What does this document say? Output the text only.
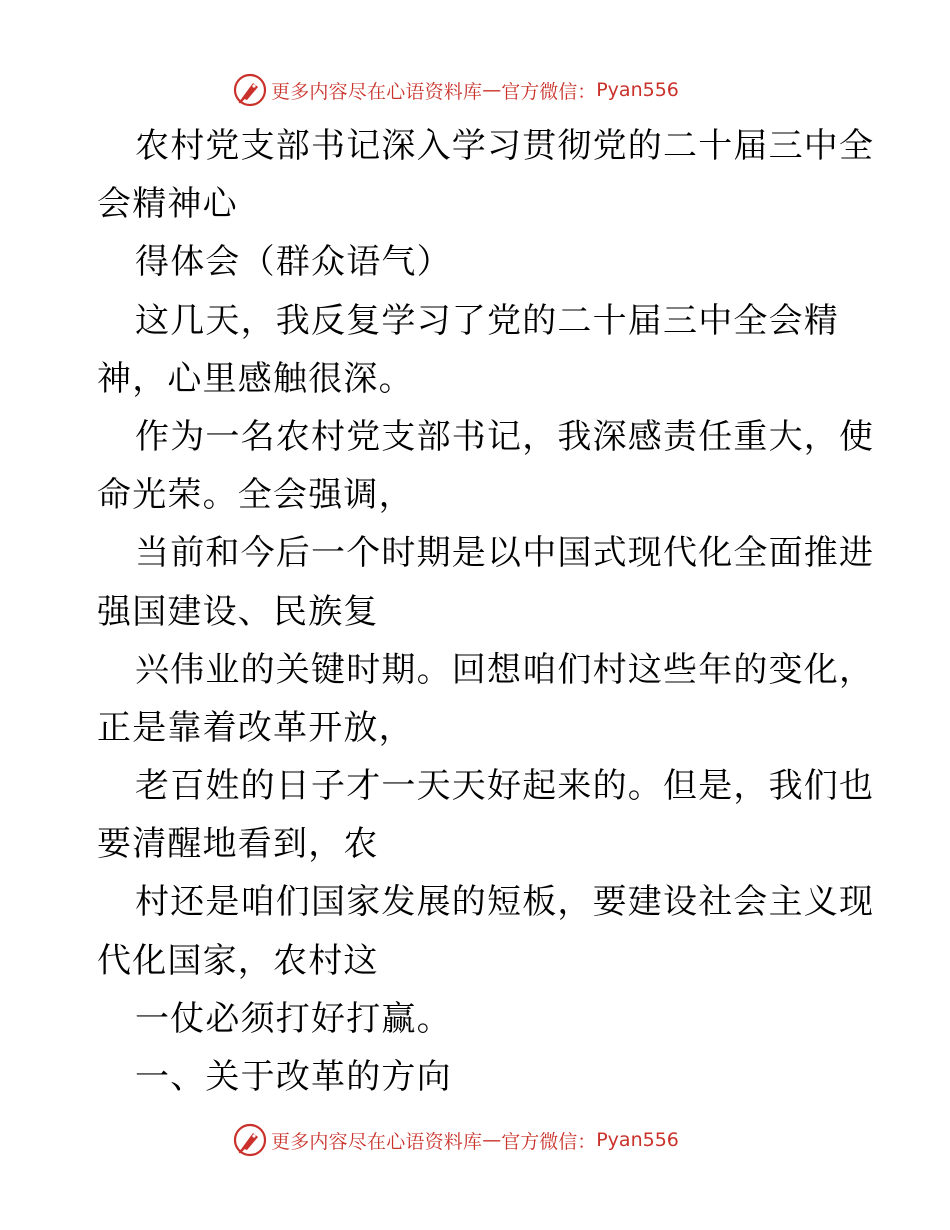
更多内容尽在心语资料库 — 官方微信： Pyan556
农村党支部书记深入学习贯彻党的二十届三中全
会精神心
得体会（群众语气）
这几天，我反复学习了党的二十届三中全会精
神，心里感触很深。
作为一名农村党支部书记，我深感责任重大，使
命光荣。全会强调，
当前和今后一个时期是以中国式现代化全面推进
强国建设、民族复
兴伟业的关键时期。回想咱们村这些年的变化，
正是靠着改革开放，
老百姓的日子才一天天好起来的。但是，我们也
要清醒地看到，农
村还是咱们国家发展的短板，要建设社会主义现
代化国家，农村这
一仗必须打好打赢。
一、关于改革的方向
更多内容尽在心语资料库 — 官方微信： Pyan556
